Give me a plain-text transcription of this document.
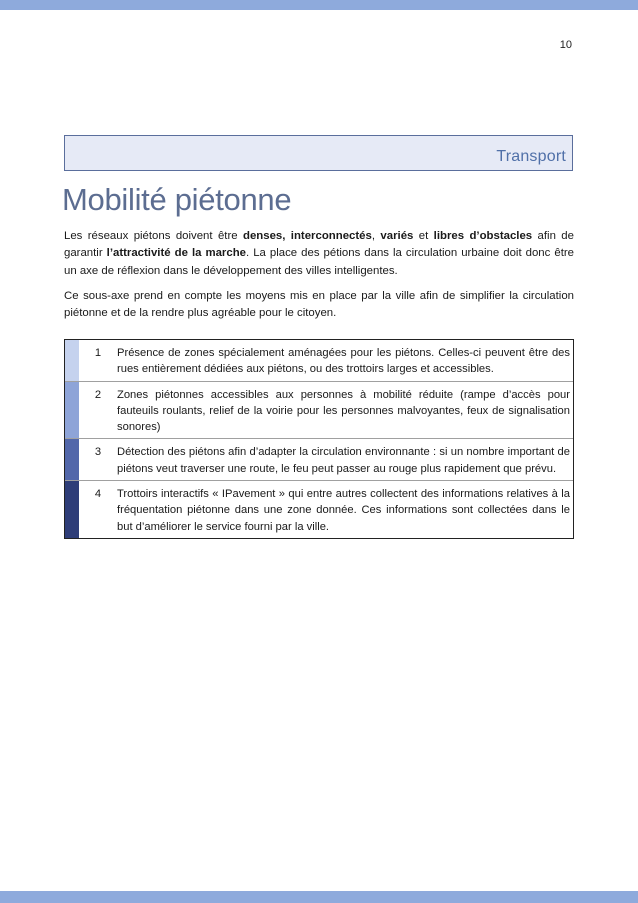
10
Transport
Mobilité piétonne

Les réseaux piétons doivent être denses, interconnectés, variés et libres d’obstacles afin de garantir l’attractivité de la marche. La place des pétions dans la circulation urbaine doit donc être un axe de réflexion dans le développement des villes intelligentes.

Ce sous-axe prend en compte les moyens mis en place par la ville afin de simplifier la circulation piétonne et de la rendre plus agréable pour le citoyen.

1	Présence de zones spécialement aménagées pour les piétons. Celles-ci peuvent être des rues entièrement dédiées aux piétons, ou des trottoirs larges et accessibles.
2	Zones piétonnes accessibles aux personnes à mobilité réduite (rampe d’accès pour fauteuils roulants, relief de la voirie pour les personnes malvoyantes, feux de signalisation sonores)
3	Détection des piétons afin d’adapter la circulation environnante : si un nombre important de piétons veut traverser une route, le feu peut passer au rouge plus rapidement que prévu.
4	Trottoirs interactifs « IPavement » qui entre autres collectent des informations relatives à la fréquentation piétonne dans une zone donnée. Ces informations sont collectées dans le but d’améliorer le service fourni par la ville.
